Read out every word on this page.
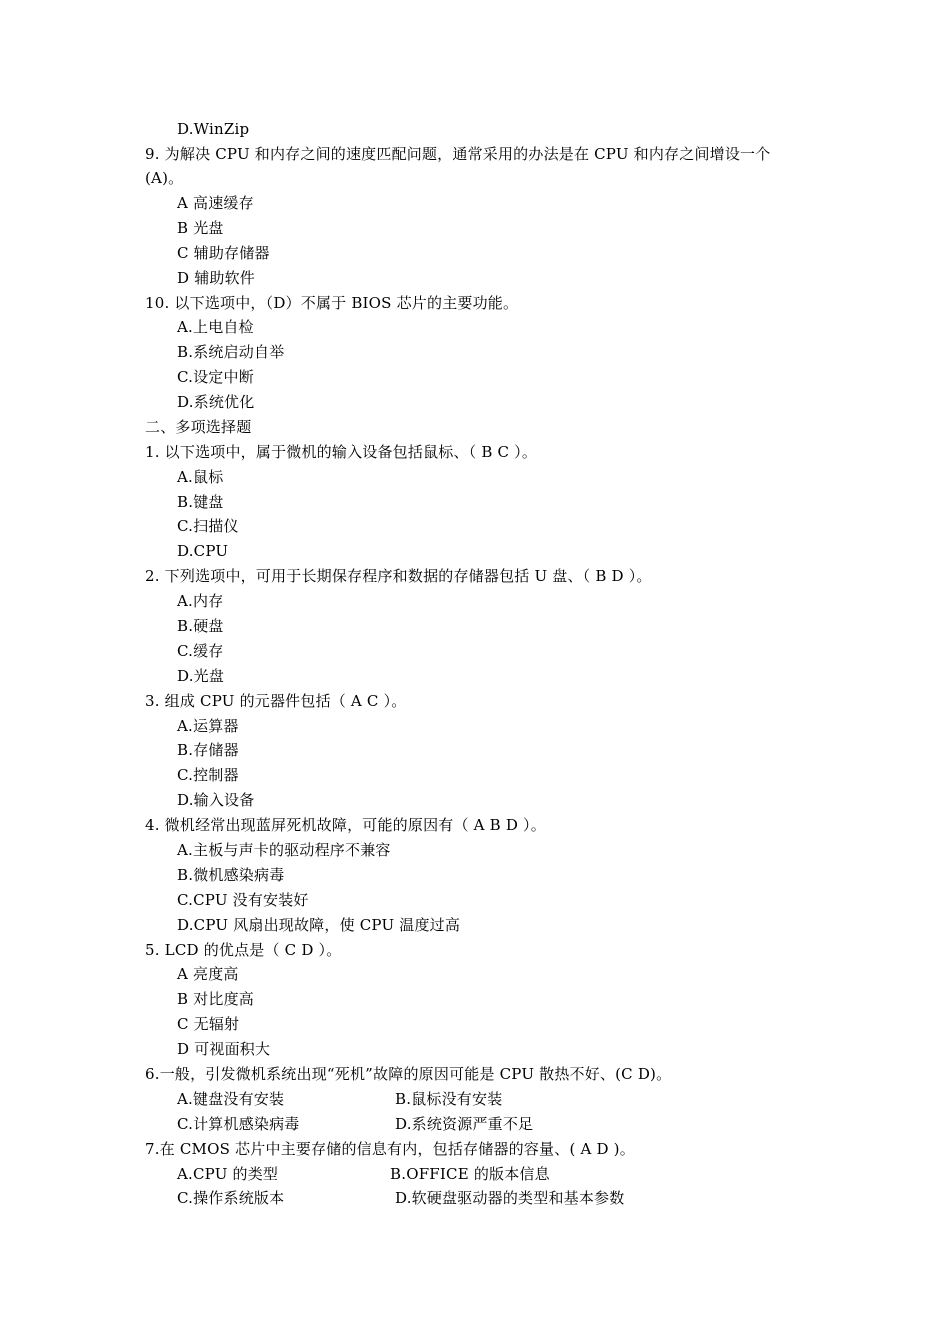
D.WinZip
9. 为解决 CPU 和内存之间的速度匹配问题，通常采用的办法是在 CPU 和内存之间增设一个
(A)。
A 高速缓存
B 光盘
C 辅助存储器
D 辅助软件
10. 以下选项中，（D）不属于 BIOS 芯片的主要功能。
A.上电自检
B.系统启动自举
C.设定中断
D.系统优化
二、多项选择题
1. 以下选项中，属于微机的输入设备包括鼠标、（ B C ）。
A.鼠标
B.键盘
C.扫描仪
D.CPU
2. 下列选项中，可用于长期保存程序和数据的存储器包括 U 盘、（ B D ）。
A.内存
B.硬盘
C.缓存
D.光盘
3. 组成 CPU 的元器件包括（ A C ）。
A.运算器
B.存储器
C.控制器
D.输入设备
4. 微机经常出现蓝屏死机故障，可能的原因有（ A B D ）。
A.主板与声卡的驱动程序不兼容
B.微机感染病毒
C.CPU 没有安装好
D.CPU 风扇出现故障，使 CPU 温度过高
5. LCD 的优点是（ C D ）。
A 亮度高
B 对比度高
C 无辐射
D 可视面积大
6.一般，引发微机系统出现“死机”故障的原因可能是 CPU 散热不好、(C D)。
A.键盘没有安装	B.鼠标没有安装
C.计算机感染病毒	D.系统资源严重不足
7.在 CMOS 芯片中主要存储的信息有内，包括存储器的容量、( A D )。
A.CPU 的类型	B.OFFICE 的版本信息
C.操作系统版本	D.软硬盘驱动器的类型和基本参数
